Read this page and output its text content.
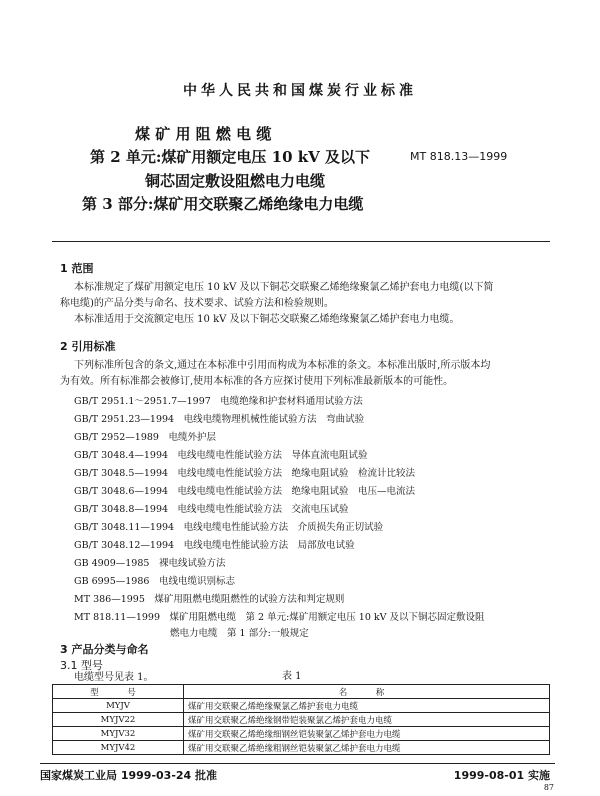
中华人民共和国煤炭行业标准
煤 矿 用 阻 燃 电 缆
第 2 单元:煤矿用额定电压 10 kV 及以下
铜芯固定敷设阻燃电力电缆
第 3 部分:煤矿用交联聚乙烯绝缘电力电缆
MT 818.13—1999
1 范围
本标准规定了煤矿用额定电压 10 kV 及以下铜芯交联聚乙烯绝缘聚氯乙烯护套电力电缆(以下简
称电缆)的产品分类与命名、技术要求、试验方法和检验规则。
本标准适用于交流额定电压 10 kV 及以下铜芯交联聚乙烯绝缘聚氯乙烯护套电力电缆。
2 引用标准
下列标准所包含的条文,通过在本标准中引用而构成为本标准的条文。本标准出版时,所示版本均
为有效。所有标准都会被修订,使用本标准的各方应探讨使用下列标准最新版本的可能性。
GB/T 2951.1～2951.7—1997　电缆绝缘和护套材料通用试验方法
GB/T 2951.23—1994　电线电缆物理机械性能试验方法　弯曲试验
GB/T 2952—1989　电缆外护层
GB/T 3048.4—1994　电线电缆电性能试验方法　导体直流电阻试验
GB/T 3048.5—1994　电线电缆电性能试验方法　绝缘电阻试验　检流计比较法
GB/T 3048.6—1994　电线电缆电性能试验方法　绝缘电阻试验　电压—电流法
GB/T 3048.8—1994　电线电缆电性能试验方法　交流电压试验
GB/T 3048.11—1994　电线电缆电性能试验方法　介质损失角正切试验
GB/T 3048.12—1994　电线电缆电性能试验方法　局部放电试验
GB 4909—1985　裸电线试验方法
GB 6995—1986　电线电缆识别标志
MT 386—1995　煤矿用阻燃电缆阻燃性的试验方法和判定规则
MT 818.11—1999　煤矿用阻燃电缆　第 2 单元:煤矿用额定电压 10 kV 及以下铜芯固定敷设阻
燃电力电缆　第 1 部分:一般规定
3 产品分类与命名
3.1 型号
电缆型号见表 1。	表 1
型　号	名　称
MYJV	煤矿用交联聚乙烯绝缘聚氯乙烯护套电力电缆
MYJV22	煤矿用交联聚乙烯绝缘钢带铠装聚氯乙烯护套电力电缆
MYJV32	煤矿用交联聚乙烯绝缘细钢丝铠装聚氯乙烯护套电力电缆
MYJV42	煤矿用交联聚乙烯绝缘粗钢丝铠装聚氯乙烯护套电力电缆
国家煤炭工业局 1999-03-24 批准	1999-08-01 实施
87
